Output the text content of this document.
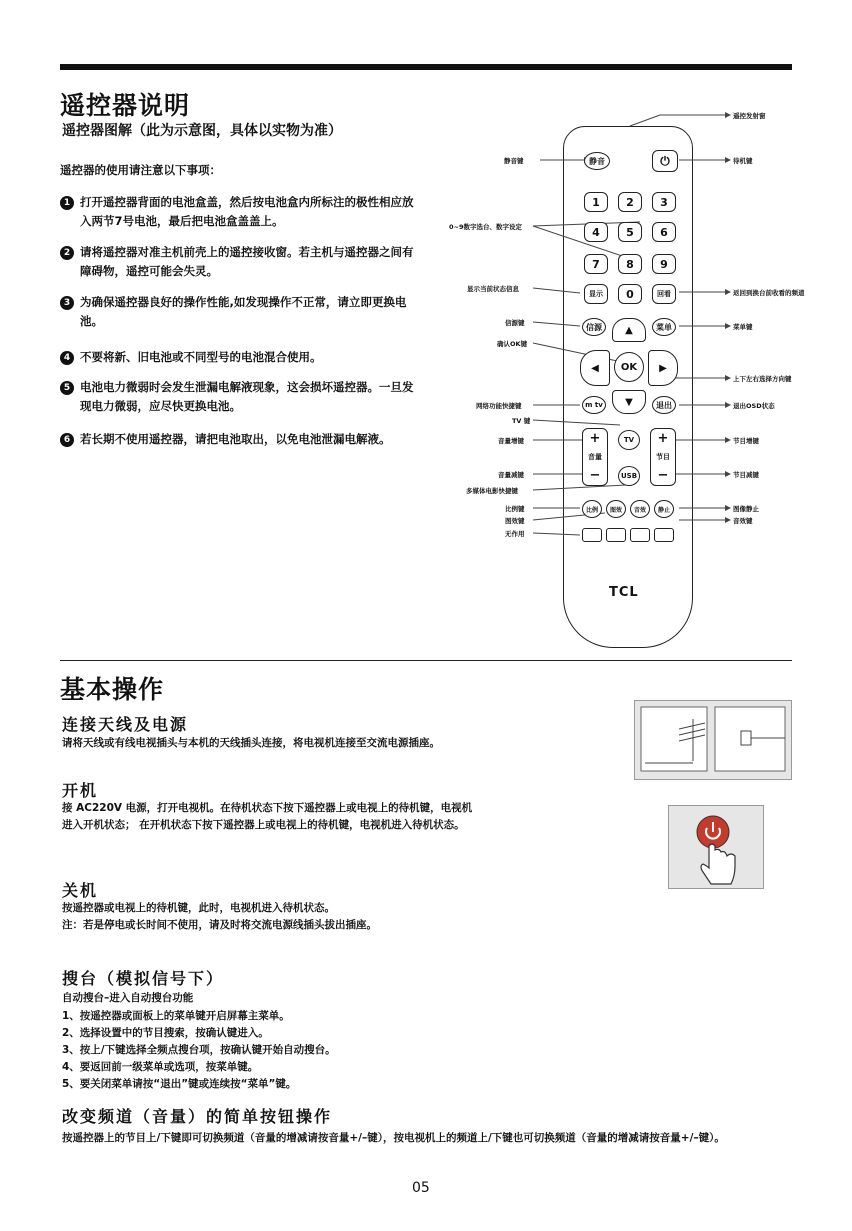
遥控器说明
遥控器图解（此为示意图，具体以实物为准）
遥控器的使用请注意以下事项：
1 打开遥控器背面的电池盒盖，然后按电池盒内所标注的极性相应放入两节7号电池，最后把电池盒盖盖上。
2 请将遥控器对准主机前壳上的遥控接收窗。若主机与遥控器之间有障碍物，遥控可能会失灵。
3 为确保遥控器良好的操作性能,如发现操作不正常，请立即更换电池。
4 不要将新、旧电池或不同型号的电池混合使用。
5 电池电力微弱时会发生泄漏电解液现象，这会损坏遥控器。一旦发现电力微弱，应尽快更换电池。
6 若长期不使用遥控器，请把电池取出，以免电池泄漏电解液。
静音	⏻
1	2	3
4	5	6
7	8	9
显示	0	回看
信源	菜单
▲
◀	OK	▶
▼
m tv	退出
+
音量
−
TV
USB
+
节目
−
比例	图效	音效	静止
TCL
遥控发射窗
静音键	待机键
0~9数字选台、数字设定
显示当前状态信息	返回到换台前收看的频道
信源键	菜单键
确认OK键
上下左右选择方向键
网络功能快捷键	退出OSD状态
TV 键
音量增键	节目增键
音量减键	节目减键
多媒体电影快捷键
比例键	图像静止
图效键	音效键
无作用
基本操作
连接天线及电源
请将天线或有线电视插头与本机的天线插头连接，将电视机连接至交流电源插座。
开机
接 AC220V 电源，打开电视机。在待机状态下按下遥控器上或电视上的待机键，电视机进入开机状态； 在开机状态下按下遥控器上或电视上的待机键，电视机进入待机状态。
关机
按遥控器或电视上的待机键，此时，电视机进入待机状态。
注：若是停电或长时间不使用，请及时将交流电源线插头拔出插座。
搜台（模拟信号下）
自动搜台–进入自动搜台功能
1、按遥控器或面板上的菜单键开启屏幕主菜单。
2、选择设置中的节目搜索，按确认键进入。
3、按上/下键选择全频点搜台项，按确认键开始自动搜台。
4、要返回前一级菜单或选项，按菜单键。
5、要关闭菜单请按“退出”键或连续按“菜单”键。
改变频道（音量）的简单按钮操作
按遥控器上的节目上/下键即可切换频道（音量的增减请按音量+/–键），按电视机上的频道上/下键也可切换频道（音量的增减请按音量+/–键）。
05
